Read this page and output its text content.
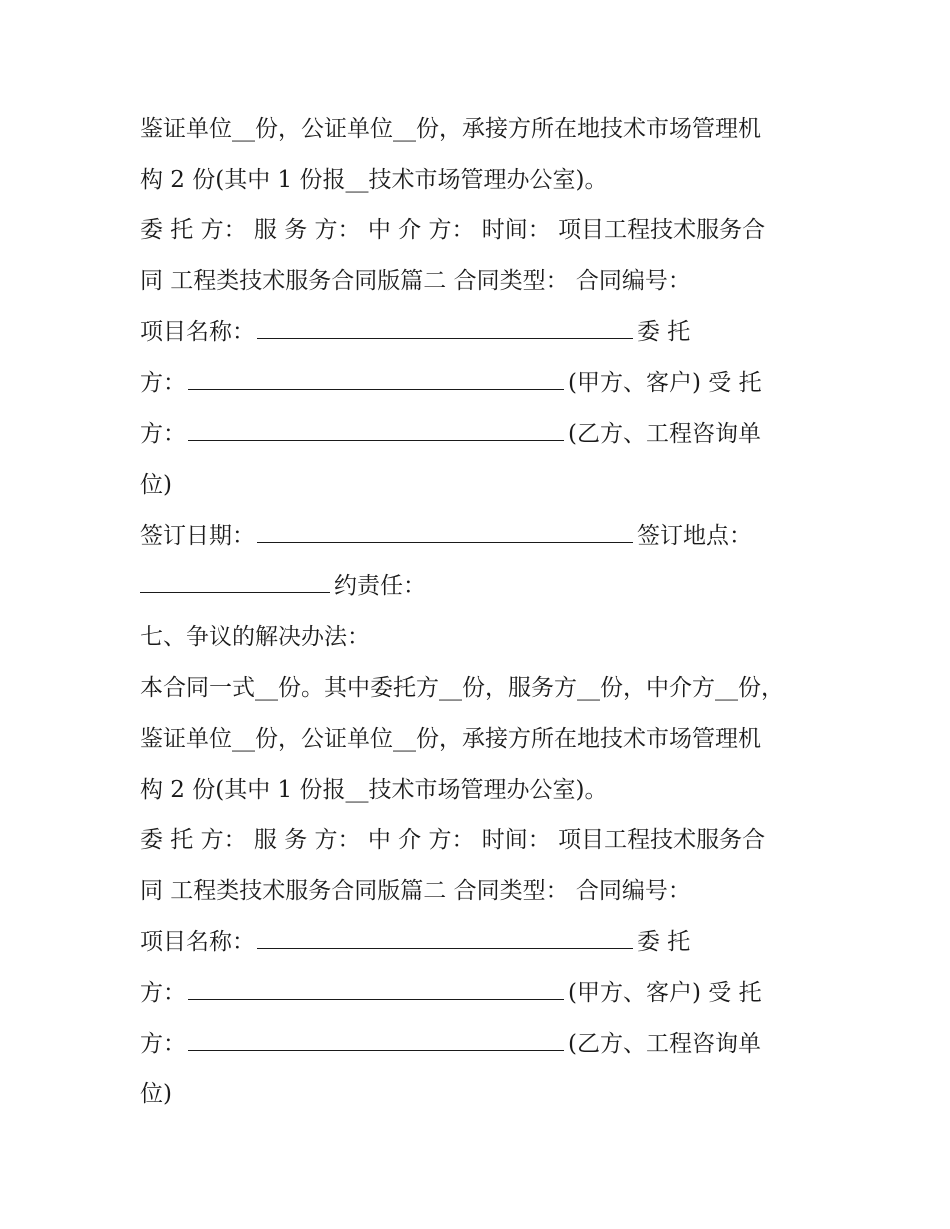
鉴证单位__份，公证单位__份，承接方所在地技术市场管理机
构 2 份(其中 1 份报__技术市场管理办公室)。
委 托 方： 服 务 方： 中 介 方： 时间： 项目工程技术服务合
同 工程类技术服务合同版篇二 合同类型： 合同编号：
项目名称：	委 托
方：	(甲方、客户) 受 托
方：	(乙方、工程咨询单
位)
签订日期：	签订地点：
约责任：
七、争议的解决办法：
本合同一式__份。其中委托方__份，服务方__份，中介方__份，
鉴证单位__份，公证单位__份，承接方所在地技术市场管理机
构 2 份(其中 1 份报__技术市场管理办公室)。
委 托 方： 服 务 方： 中 介 方： 时间： 项目工程技术服务合
同 工程类技术服务合同版篇二 合同类型： 合同编号：
项目名称：	委 托
方：	(甲方、客户) 受 托
方：	(乙方、工程咨询单
位)
